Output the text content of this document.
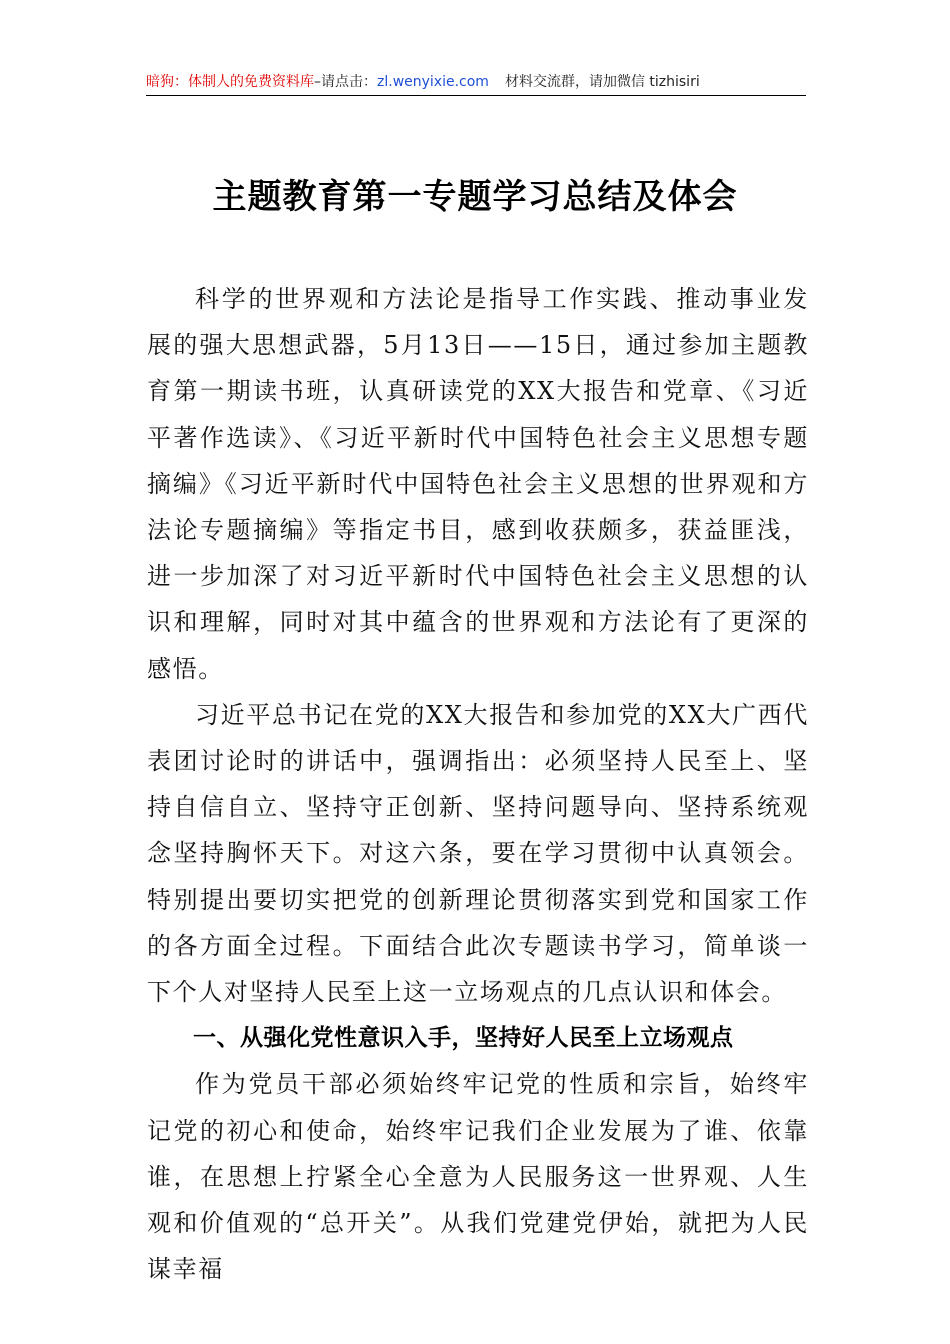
暗狗：体制人的免费资料库–请点击：zl.wenyixie.com 材料交流群，请加微信 tizhisiri
主题教育第一专题学习总结及体会

科学的世界观和方法论是指导工作实践、推动事业发展的强大思想武器，5月13日——15日，通过参加主题教育第一期读书班，认真研读党的XX大报告和党章、《习近平著作选读》、《习近平新时代中国特色社会主义思想专题摘编》《习近平新时代中国特色社会主义思想的世界观和方法论专题摘编》等指定书目，感到收获颇多，获益匪浅，进一步加深了对习近平新时代中国特色社会主义思想的认识和理解，同时对其中蕴含的世界观和方法论有了更深的感悟。

习近平总书记在党的XX大报告和参加党的XX大广西代表团讨论时的讲话中，强调指出：必须坚持人民至上、坚持自信自立、坚持守正创新、坚持问题导向、坚持系统观念坚持胸怀天下。对这六条，要在学习贯彻中认真领会。特别提出要切实把党的创新理论贯彻落实到党和国家工作的各方面全过程。下面结合此次专题读书学习，简单谈一下个人对坚持人民至上这一立场观点的几点认识和体会。

一、从强化党性意识入手，坚持好人民至上立场观点

作为党员干部必须始终牢记党的性质和宗旨，始终牢记党的初心和使命，始终牢记我们企业发展为了谁、依靠谁，在思想上拧紧全心全意为人民服务这一世界观、人生观和价值观的“总开关”。从我们党建党伊始，就把为人民谋幸福
